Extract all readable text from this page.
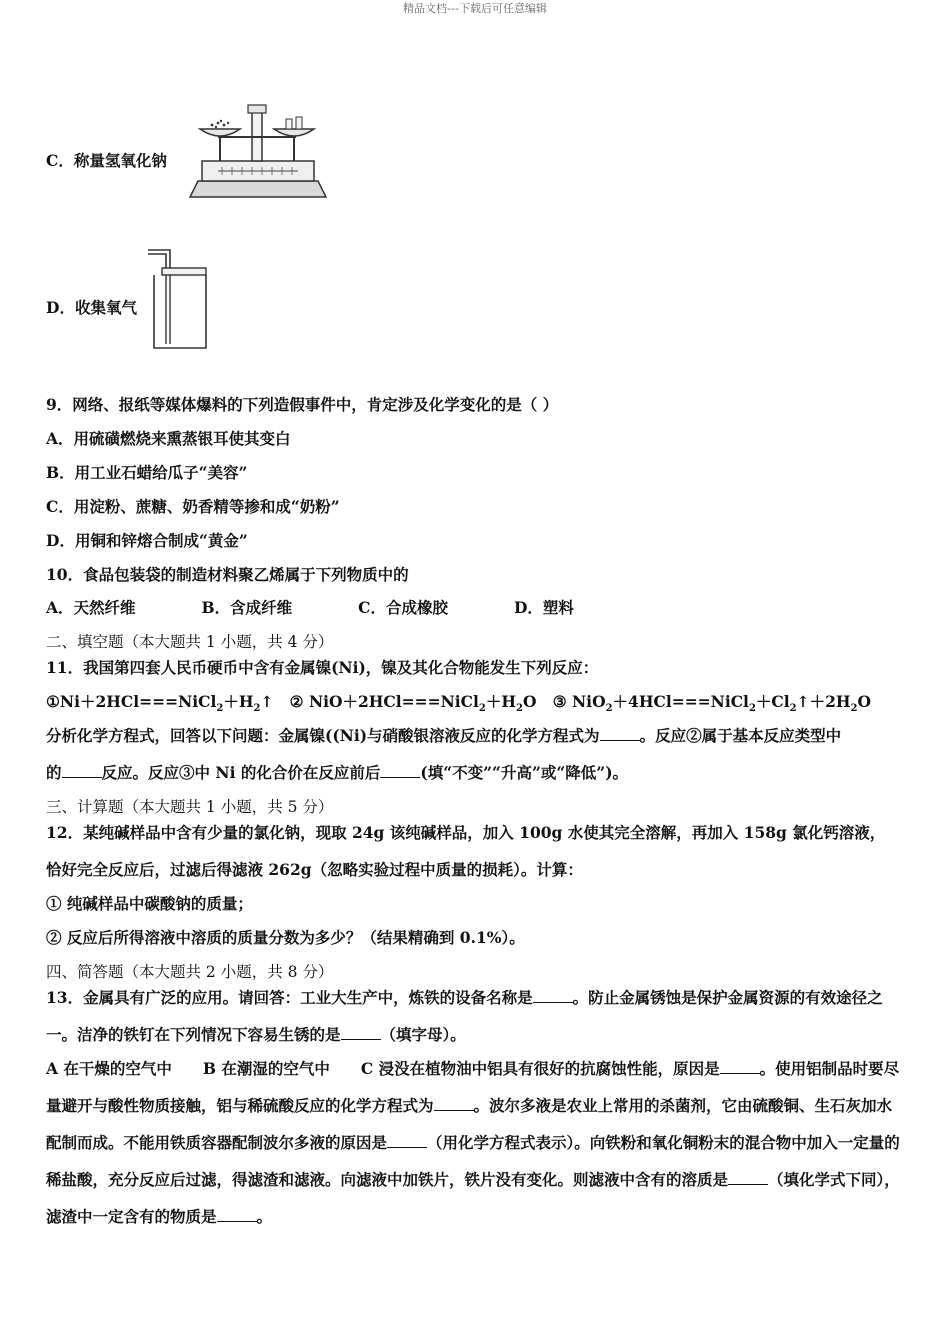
精品文档---下载后可任意编辑
C．称量氢氧化钠
D．收集氧气
9．网络、报纸等媒体爆料的下列造假事件中，肯定涉及化学变化的是（ ）
A．用硫磺燃烧来熏蒸银耳使其变白
B．用工业石蜡给瓜子“美容”
C．用淀粉、蔗糖、奶香精等掺和成“奶粉”
D．用铜和锌熔合制成“黄金”
10．食品包装袋的制造材料聚乙烯属于下列物质中的
A．天然纤维	B．含成纤维	C．合成橡胶	D．塑料
二、填空题（本大题共 1 小题，共 4 分）
11．我国第四套人民币硬币中含有金属镍(Ni)，镍及其化合物能发生下列反应：
$①Ni+2HCl===NiCl_2+H_2↑$ ② $NiO+2HCl===NiCl_2+H_2O$ ③ $NiO_2+4HCl===NiCl_2+Cl_2↑+2H_2O$
分析化学方程式，回答以下问题：金属镍((Ni)与硝酸银溶液反应的化学方程式为	。反应②属于基本反应类型中
的	反应。反应③中 Ni 的化合价在反应前后	(填“不变”“升高”或“降低”)。
三、计算题（本大题共 1 小题，共 5 分）
12．某纯碱样品中含有少量的氯化钠，现取 24g 该纯碱样品，加入 100g 水使其完全溶解，再加入 158g 氯化钙溶液，
恰好完全反应后，过滤后得滤液 262g（忽略实验过程中质量的损耗）。计算：
① 纯碱样品中碳酸钠的质量；
② 反应后所得溶液中溶质的质量分数为多少？（结果精确到 0.1%）。
四、简答题（本大题共 2 小题，共 8 分）
13．金属具有广泛的应用。请回答：工业大生产中，炼铁的设备名称是	。防止金属锈蚀是保护金属资源的有效途径之一。洁净的铁钉在下列情况下容易生锈的是	（填字母）。
A 在干燥的空气中　　B 在潮湿的空气中　　C 浸没在植物油中铝具有很好的抗腐蚀性能，原因是	。使用铝制品时要尽量避开与酸性物质接触，铝与稀硫酸反应的化学方程式为	。波尔多液是农业上常用的杀菌剂，它由硫酸铜、生石灰加水配制而成。不能用铁质容器配制波尔多液的原因是	（用化学方程式表示）。向铁粉和氧化铜粉末的混合物中加入一定量的稀盐酸，充分反应后过滤，得滤渣和滤液。向滤液中加铁片，铁片没有变化。则滤液中含有的溶质是	（填化学式下同），滤渣中一定含有的物质是	。
